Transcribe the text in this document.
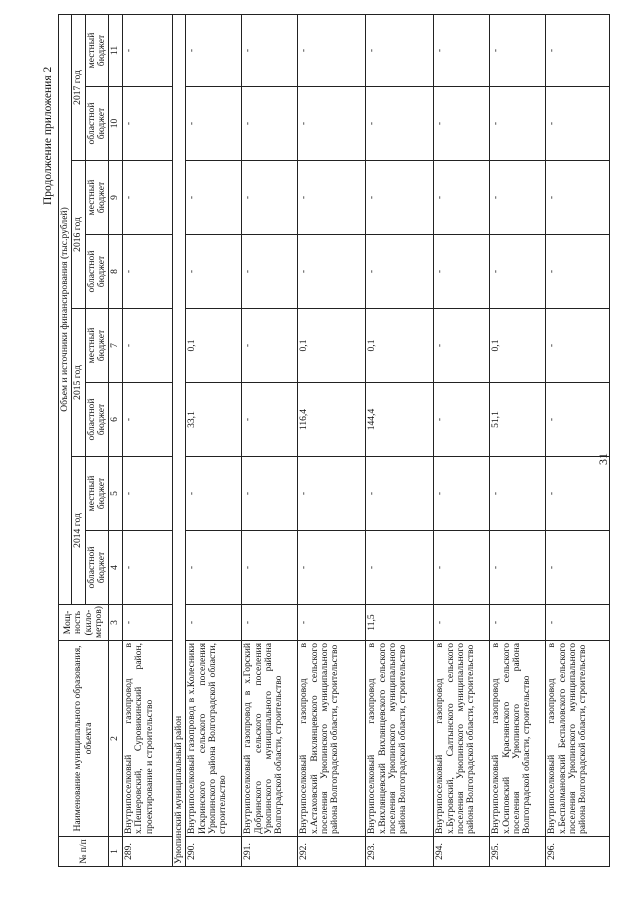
31
Продолжение приложения 2
№ п/п	Наименование муниципального образования, объекта	Мощ-ность (кило-метров)	Объем и источники финансирования (тыс.рублей)							
			2014 год		2015 год		2016 год		2017 год	
			областной бюджет	местный бюджет	областной бюджет	местный бюджет	областной бюджет	местный бюджет	областной бюджет	местный бюджет
1	2	3	4	5	6	7	8	9	10	11
289.	Внутрипоселковый газопровод в х.Пешеровский, Суровикинский район, проектирование и строительство	-	-	-	-	-	-	-	-	-
Урюпинский муниципальный район										
290.	Внутрипоселковый газопровод в х.Колесники Искринского сельского поселения Урюпинского района Волгоградской области, строительство	-	-	-	33,1	0,1	-	-	-	-
291.	Внутрипоселковый газопровод в х.Горский Добринского сельского поселения Урюпинского муниципального района Волгоградской области, строительство	-	-	-	-	-	-	-	-	-
292.	Внутрипоселковый газопровод в х.Астаховский Вихлянцевского сельского поселения Урюпинского муниципального района Волгоградской области, строительство	-	-	-	116,4	0,1	-	-	-	-
293.	Внутрипоселковый газопровод в х.Вихлянцевский Вихлянцевского сельского поселения Урюпинского муниципального района Волгоградской области, строительство	11,5	-	-	144,4	0,1	-	-	-	-
294.	Внутрипоселковый газопровод в х.Бугровский, Салтынского сельского поселения Урюпинского муниципального района Волгоградской области, строительство	-	-	-	-	-	-	-	-	-
295.	Внутрипоселковый газопровод в х.Осиповский Краснянского сельского поселения Урюпинского района Волгоградской области, строительство	-	-	-	51,1	0,1	-	-	-	-
296.	Внутрипоселковый газопровод в х.Беспалмановский Беспаловского сельского поселения Урюпинского муниципального района Волгоградской области, строительство	-	-	-	-	-	-	-	-	-
